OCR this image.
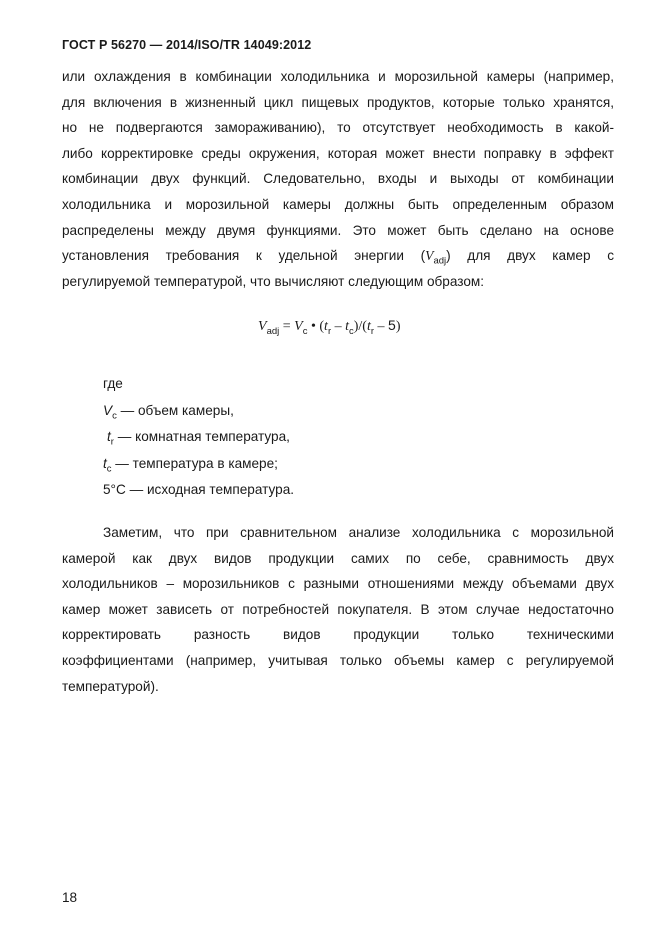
ГОСТ Р 56270 — 2014/ISO/TR 14049:2012
или охлаждения в комбинации холодильника и морозильной камеры (например,
для включения в жизненный цикл пищевых продуктов, которые только хранятся,
но не подвергаются замораживанию), то отсутствует необходимость в какой-
либо корректировке среды окружения, которая может внести поправку в эффект
комбинации двух функций. Следовательно, входы и выходы от комбинации
холодильника и морозильной камеры должны быть определенным образом
распределены между двумя функциями. Это может быть сделано на основе
установления требования к удельной энергии $(V_{adj})$ для двух камер с
регулируемой температурой, что вычисляют следующим образом:
$V_{adj} = V_c$ • $(t_r - t_c)/(t_r - 5)$
где
$V_c$ — объем камеры,
$t_r$ — комнатная температура,
$t_c$ — температура в камере;
5°С — исходная температура.
Заметим, что при сравнительном анализе холодильника с морозильной
камерой как двух видов продукции самих по себе, сравнимость двух
холодильников – морозильников с разными отношениями между объемами двух
камер может зависеть от потребностей покупателя. В этом случае недостаточно
корректировать разность видов продукции только техническими
коэффициентами (например, учитывая только объемы камер с регулируемой
температурой).
18
